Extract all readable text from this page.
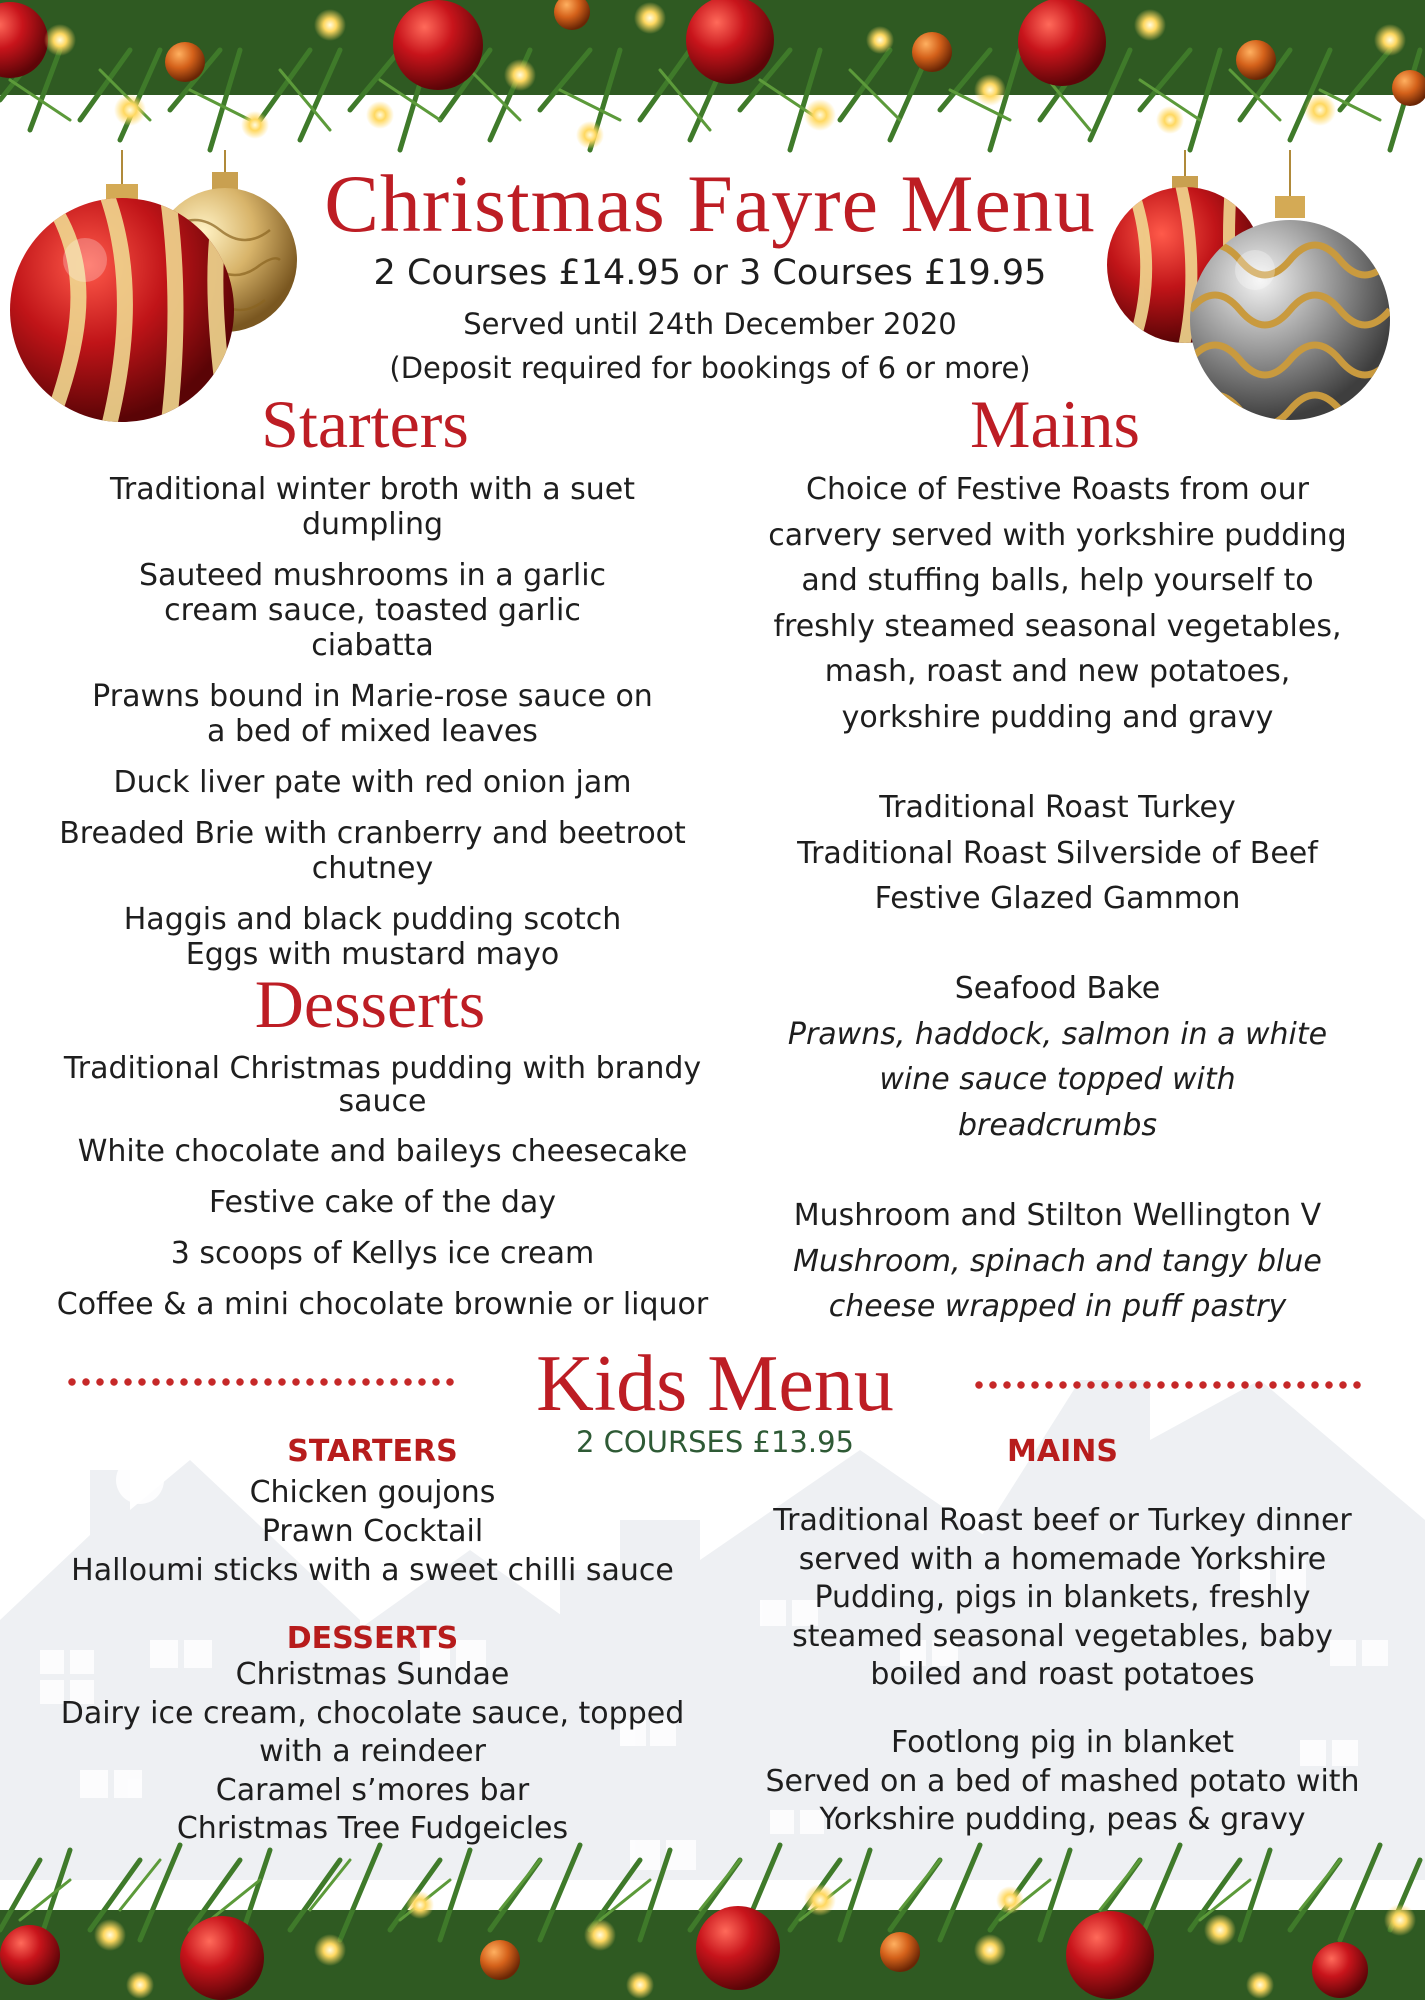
Christmas Fayre Menu
2 Courses £14.95 or 3 Courses £19.95
Served until 24th December 2020
(Deposit required for bookings of 6 or more)
Starters
Traditional winter broth with a suet dumpling
Sauteed mushrooms in a garlic cream sauce, toasted garlic ciabatta
Prawns bound in Marie-rose sauce on a bed of mixed leaves
Duck liver pate with red onion jam
Breaded Brie with cranberry and beetroot chutney
Haggis and black pudding scotch Eggs with mustard mayo
Desserts
Traditional Christmas pudding with brandy sauce
White chocolate and baileys cheesecake
Festive cake of the day
3 scoops of Kellys ice cream
Coffee & a mini chocolate brownie or liquor
Mains
Choice of Festive Roasts from our
carvery served with yorkshire pudding
and stuffing balls, help yourself to
freshly steamed seasonal vegetables,
mash, roast and new potatoes,
yorkshire pudding and gravy
Traditional Roast Turkey
Traditional Roast Silverside of Beef
Festive Glazed Gammon
Seafood Bake
Prawns, haddock, salmon in a white
wine sauce topped with
breadcrumbs
Mushroom and Stilton Wellington V
Mushroom, spinach and tangy blue
cheese wrapped in puff pastry
Kids Menu
2 COURSES £13.95
STARTERS
Chicken goujons
Prawn Cocktail
Halloumi sticks with a sweet chilli sauce
DESSERTS
Christmas Sundae
Dairy ice cream, chocolate sauce, topped
with a reindeer
Caramel s’mores bar
Christmas Tree Fudgeicles
MAINS
Traditional Roast beef or Turkey dinner
served with a homemade Yorkshire
Pudding, pigs in blankets, freshly
steamed seasonal vegetables, baby
boiled and roast potatoes
Footlong pig in blanket
Served on a bed of mashed potato with
Yorkshire pudding, peas & gravy
